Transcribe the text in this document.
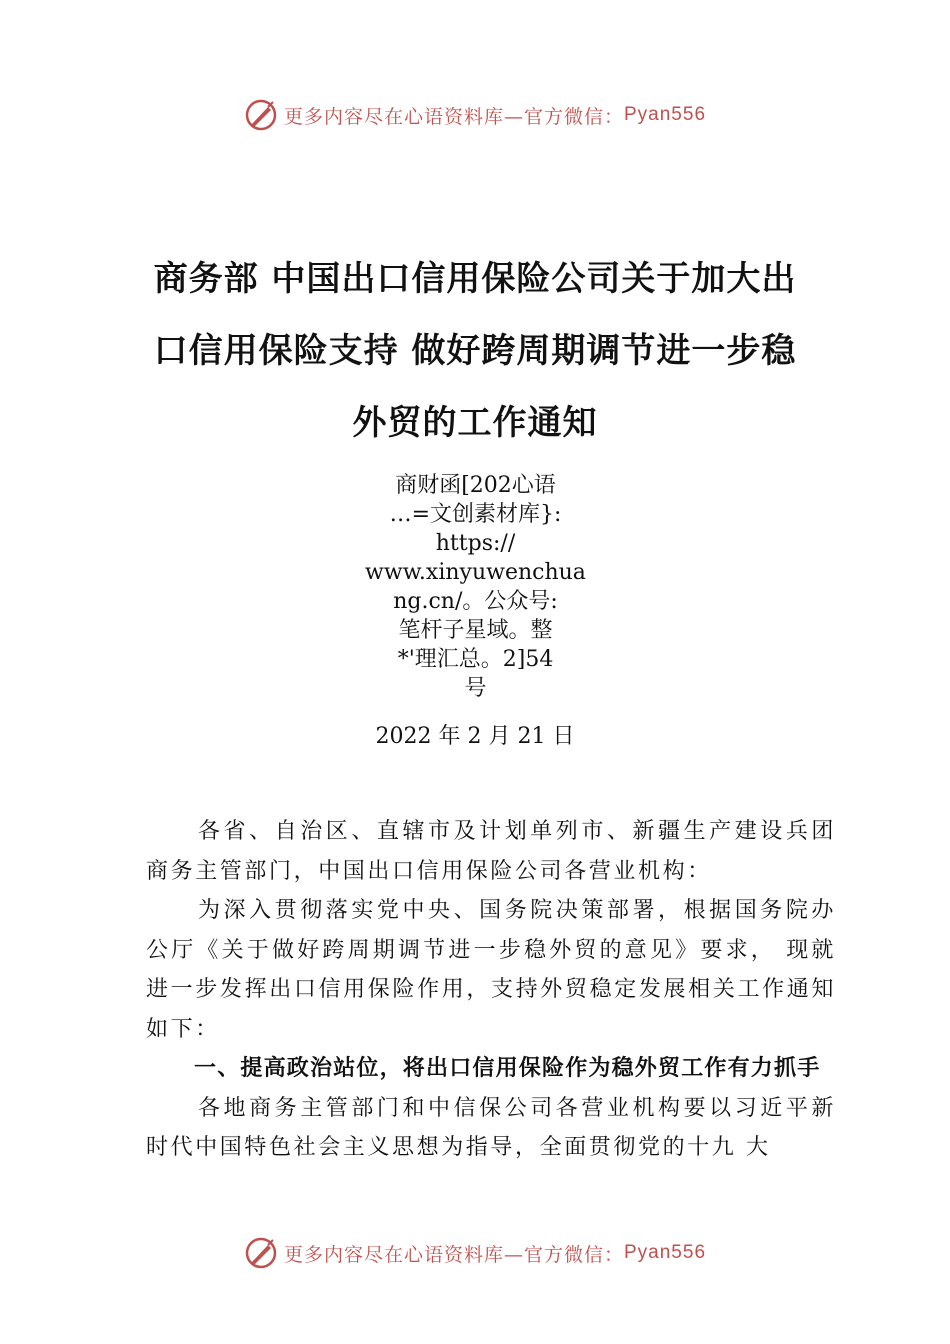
更多内容尽在心语资料库—官方微信： Pyan556
商务部 中国出口信用保险公司关于加大出
口信用保险支持 做好跨周期调节进一步稳
外贸的工作通知
商财函[202心语
…=文创素材库}:
https://
www.xinyuwenchua
ng.cn/。公众号:
笔杆子星域。整
*'理汇总。2]54
号
2022 年 2 月 21 日

各省、自治区、直辖市及计划单列市、新疆生产建设兵团商务主管部门，中国出口信用保险公司各营业机构：

为深入贯彻落实党中央、国务院决策部署，根据国务院办公厅《关于做好跨周期调节进一步稳外贸的意见》要求， 现就进一步发挥出口信用保险作用，支持外贸稳定发展相关工作通知如下：

一、提高政治站位，将出口信用保险作为稳外贸工作有力抓手

各地商务主管部门和中信保公司各营业机构要以习近平新时代中国特色社会主义思想为指导，全面贯彻党的十九 大

更多内容尽在心语资料库—官方微信： Pyan556
